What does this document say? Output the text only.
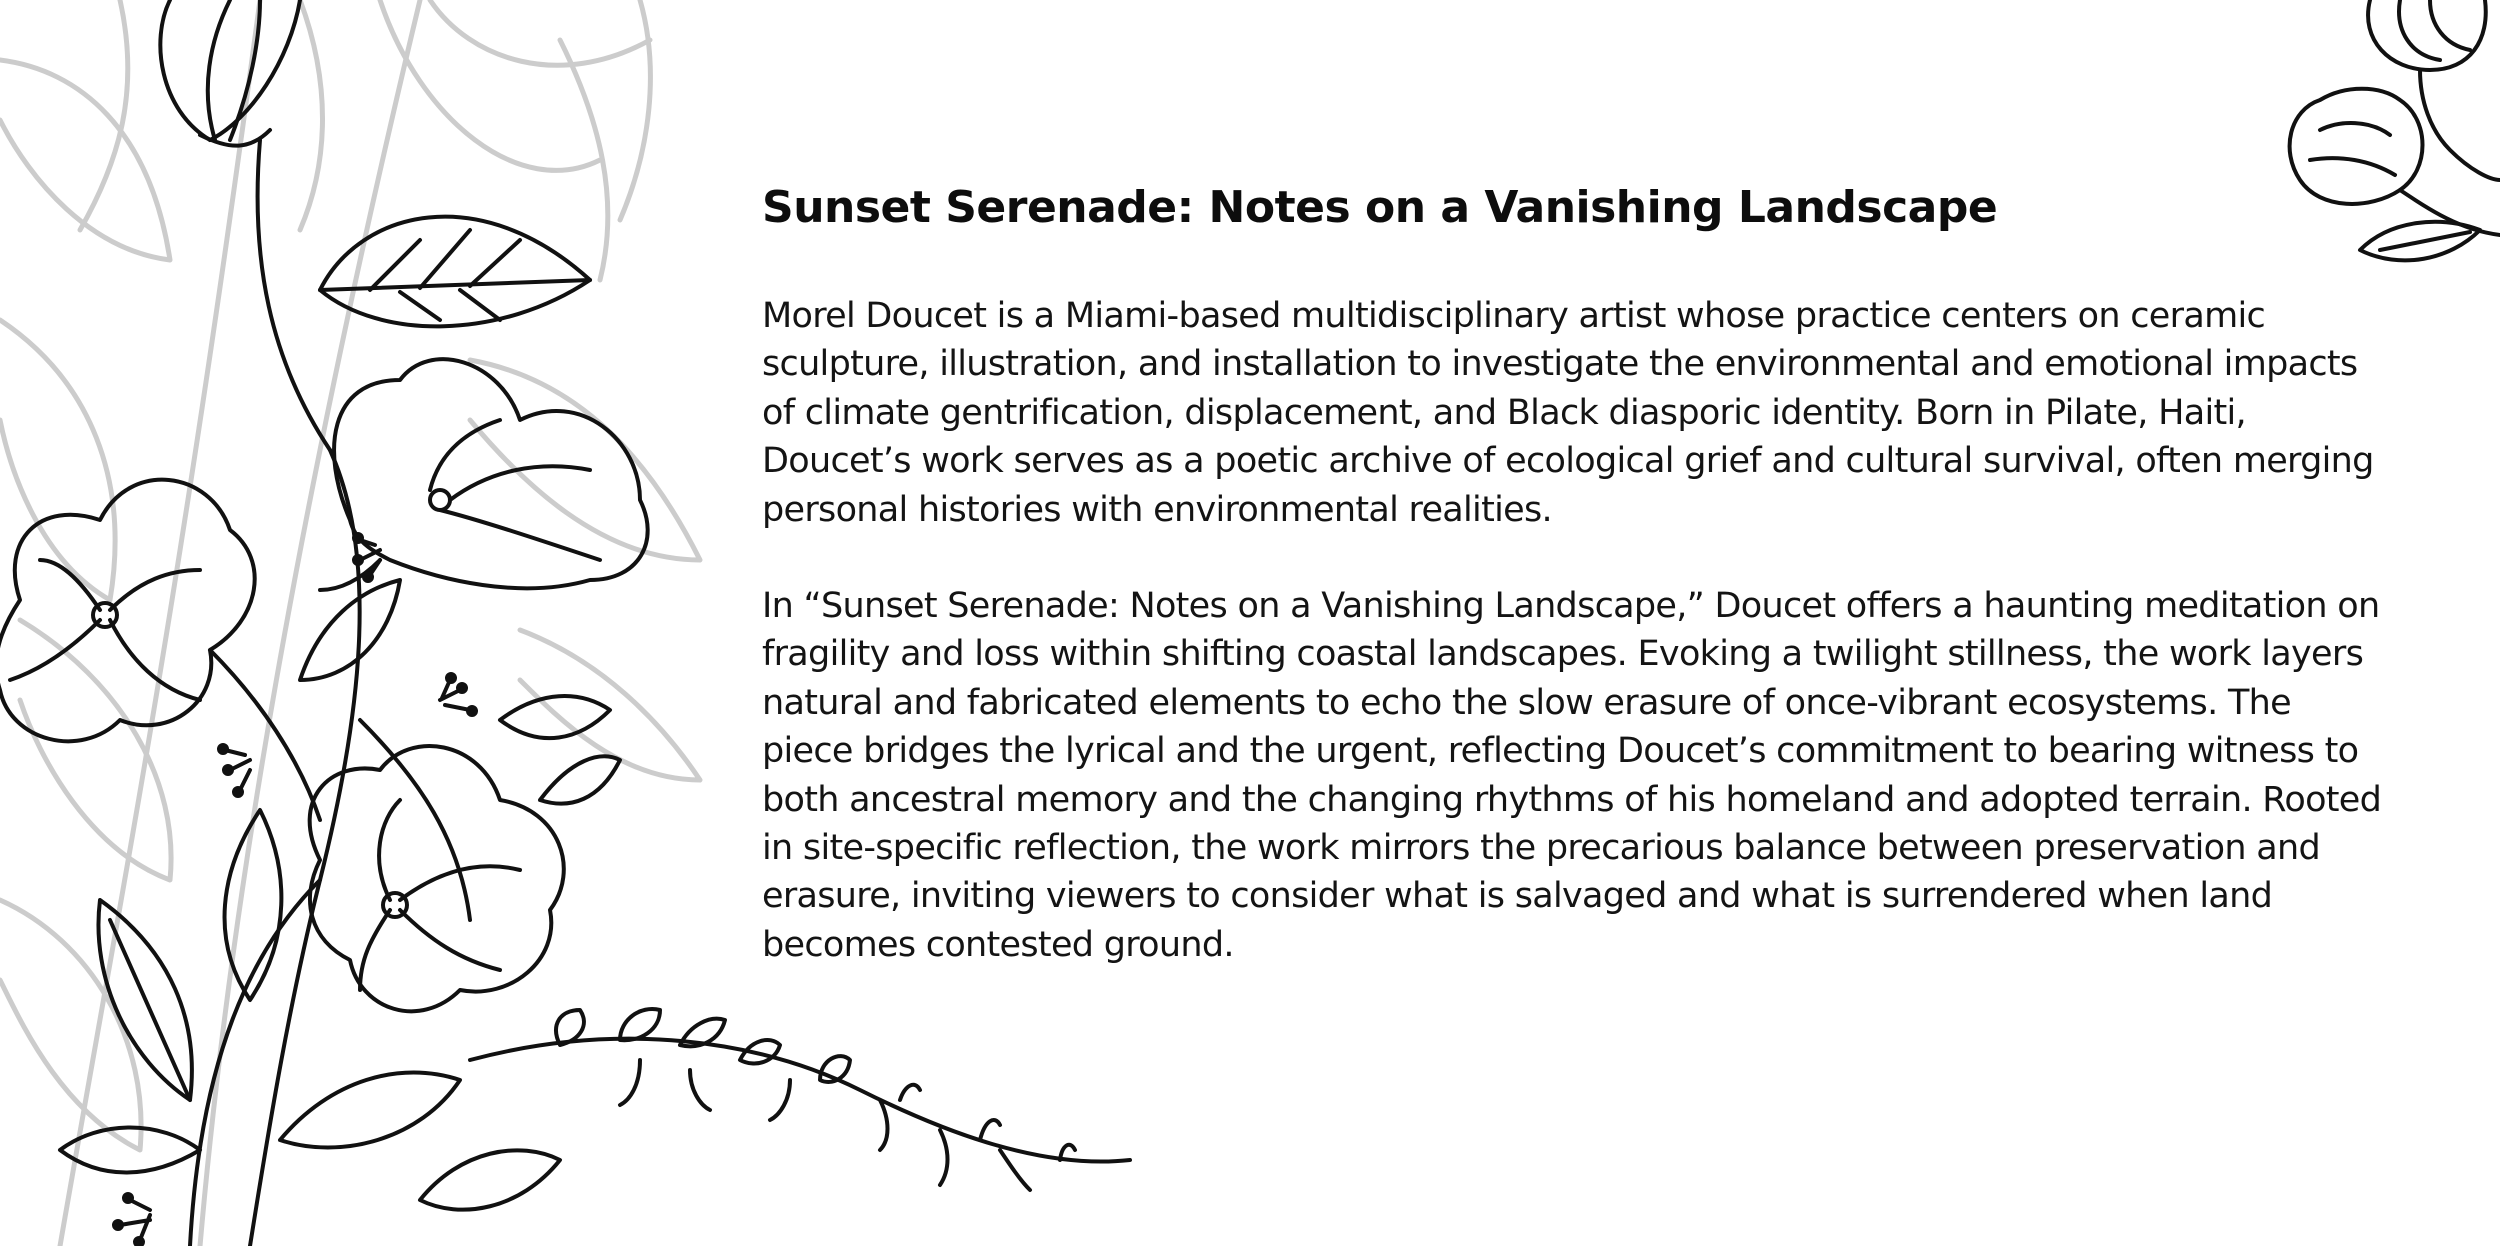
Sunset Serenade: Notes on a Vanishing Landscape

Morel Doucet is a Miami-based multidisciplinary artist whose practice centers on ceramic sculpture, illustration, and installation to investigate the environmental and emotional impacts of climate gentrification, displacement, and Black diasporic identity. Born in Pilate, Haiti, Doucet’s work serves as a poetic archive of ecological grief and cultural survival, often merging personal histories with environmental realities.

In “Sunset Serenade: Notes on a Vanishing Landscape,” Doucet offers a haunting meditation on fragility and loss within shifting coastal landscapes. Evoking a twilight stillness, the work layers natural and fabricated elements to echo the slow erasure of once-vibrant ecosystems. The piece bridges the lyrical and the urgent, reflecting Doucet’s commitment to bearing witness to both ancestral memory and the changing rhythms of his homeland and adopted terrain. Rooted in site-specific reflection, the work mirrors the precarious balance between preservation and erasure, inviting viewers to consider what is salvaged and what is surrendered when land becomes contested ground.
